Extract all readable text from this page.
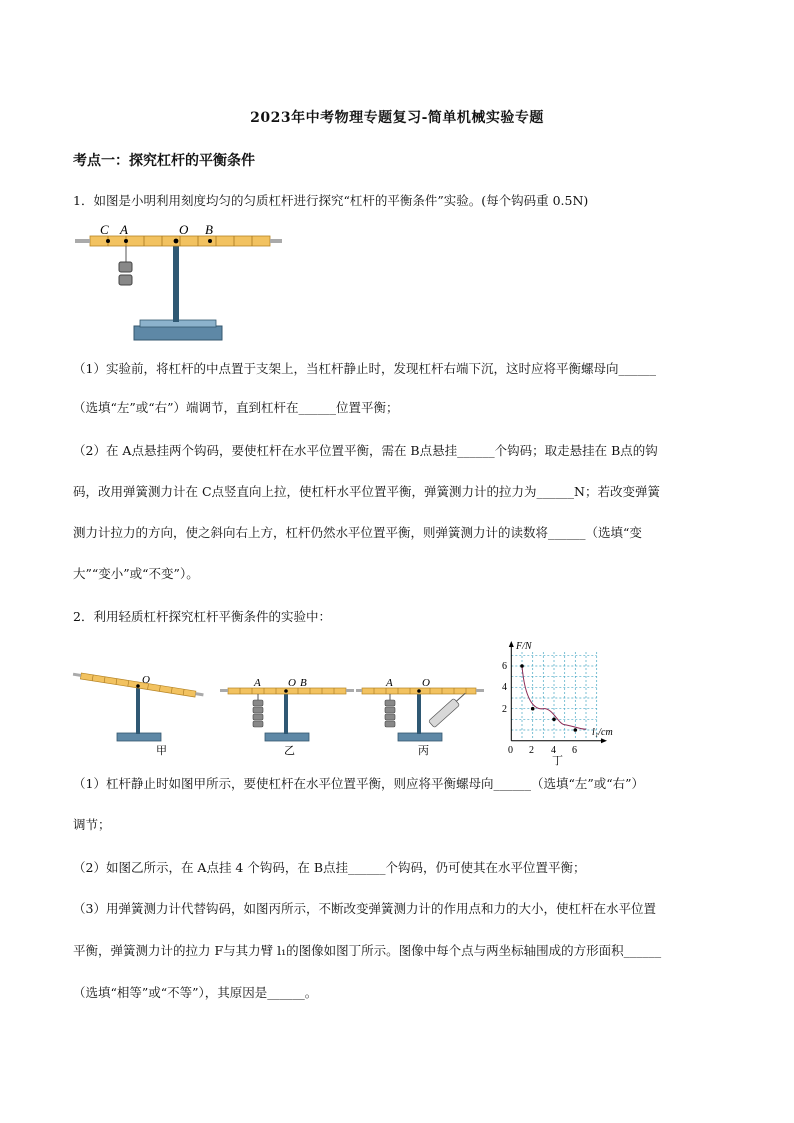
2023年中考物理专题复习-简单机械实验专题
考点一：探究杠杆的平衡条件
1．如图是小明利用刻度均匀的匀质杠杆进行探究“杠杆的平衡条件”实验。(每个钩码重 0.5N)
C A	O B
（1）实验前，将杠杆的中点置于支架上，当杠杆静止时，发现杠杆右端下沉，这时应将平衡螺母向______
（选填“左”或“右”）端调节，直到杠杆在______位置平衡；
（2）在 A点悬挂两个钩码，要使杠杆在水平位置平衡，需在 B点悬挂______个钩码；取走悬挂在 B点的钩
码，改用弹簧测力计在 C点竖直向上拉，使杠杆水平位置平衡，弹簧测力计的拉力为______N；若改变弹簧
测力计拉力的方向，使之斜向右上方，杠杆仍然水平位置平衡，则弹簧测力计的读数将______（选填“变
大”“变小”或“不变”）。
2．利用轻质杠杆探究杠杆平衡条件的实验中：
O
甲
A O B
乙
A	O
丙
6
4
2
0 2 4 6
F/N
l₁/cm
丁
（1）杠杆静止时如图甲所示，要使杠杆在水平位置平衡，则应将平衡螺母向______（选填“左”或“右”）
调节；
（2）如图乙所示，在 A点挂 4 个钩码，在 B点挂______个钩码，仍可使其在水平位置平衡；
（3）用弹簧测力计代替钩码，如图丙所示，不断改变弹簧测力计的作用点和力的大小，使杠杆在水平位置
平衡，弹簧测力计的拉力 F与其力臂 l₁的图像如图丁所示。图像中每个点与两坐标轴围成的方形面积______
（选填“相等”或“不等”），其原因是______。
